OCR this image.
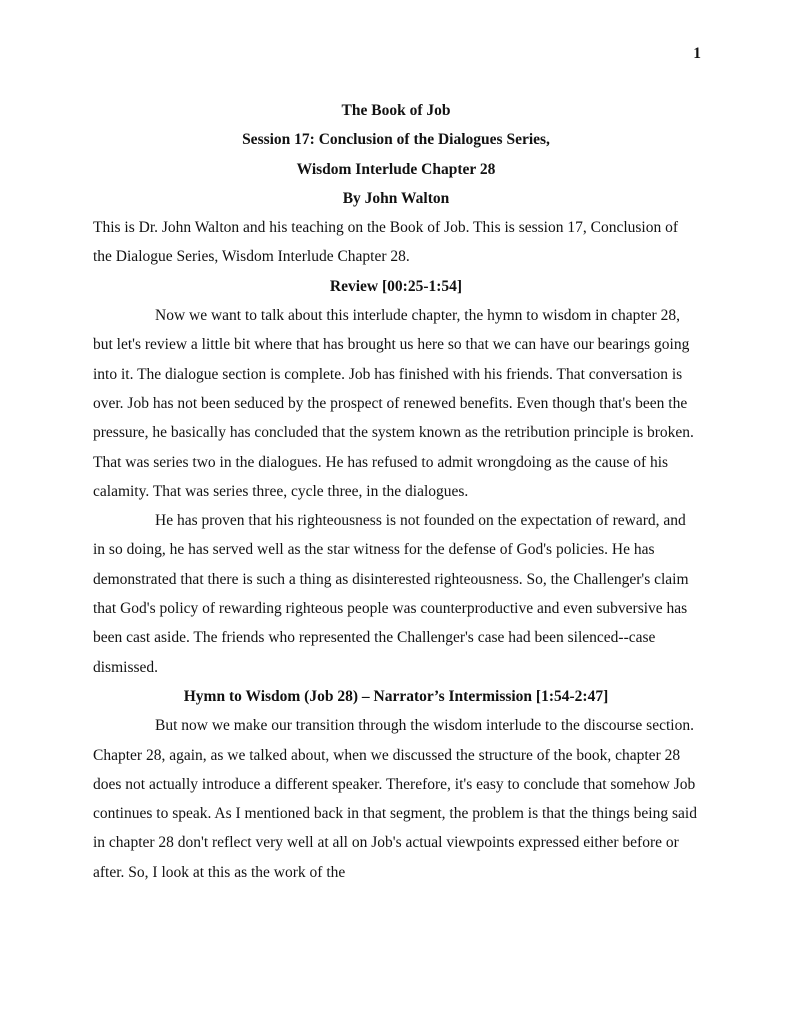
1
The Book of Job
Session 17: Conclusion of the Dialogues Series,
Wisdom Interlude Chapter 28
By John Walton

This is Dr. John Walton and his teaching on the Book of Job. This is session 17, Conclusion of the Dialogue Series, Wisdom Interlude Chapter 28.

Review [00:25-1:54]

Now we want to talk about this interlude chapter, the hymn to wisdom in chapter 28, but let's review a little bit where that has brought us here so that we can have our bearings going into it. The dialogue section is complete. Job has finished with his friends. That conversation is over. Job has not been seduced by the prospect of renewed benefits. Even though that's been the pressure, he basically has concluded that the system known as the retribution principle is broken. That was series two in the dialogues. He has refused to admit wrongdoing as the cause of his calamity. That was series three, cycle three, in the dialogues.

He has proven that his righteousness is not founded on the expectation of reward, and in so doing, he has served well as the star witness for the defense of God's policies. He has demonstrated that there is such a thing as disinterested righteousness. So, the Challenger's claim that God's policy of rewarding righteous people was counterproductive and even subversive has been cast aside. The friends who represented the Challenger's case had been silenced--case dismissed.

Hymn to Wisdom (Job 28) – Narrator’s Intermission [1:54-2:47]

But now we make our transition through the wisdom interlude to the discourse section. Chapter 28, again, as we talked about, when we discussed the structure of the book, chapter 28 does not actually introduce a different speaker. Therefore, it's easy to conclude that somehow Job continues to speak. As I mentioned back in that segment, the problem is that the things being said in chapter 28 don't reflect very well at all on Job's actual viewpoints expressed either before or after. So, I look at this as the work of the
